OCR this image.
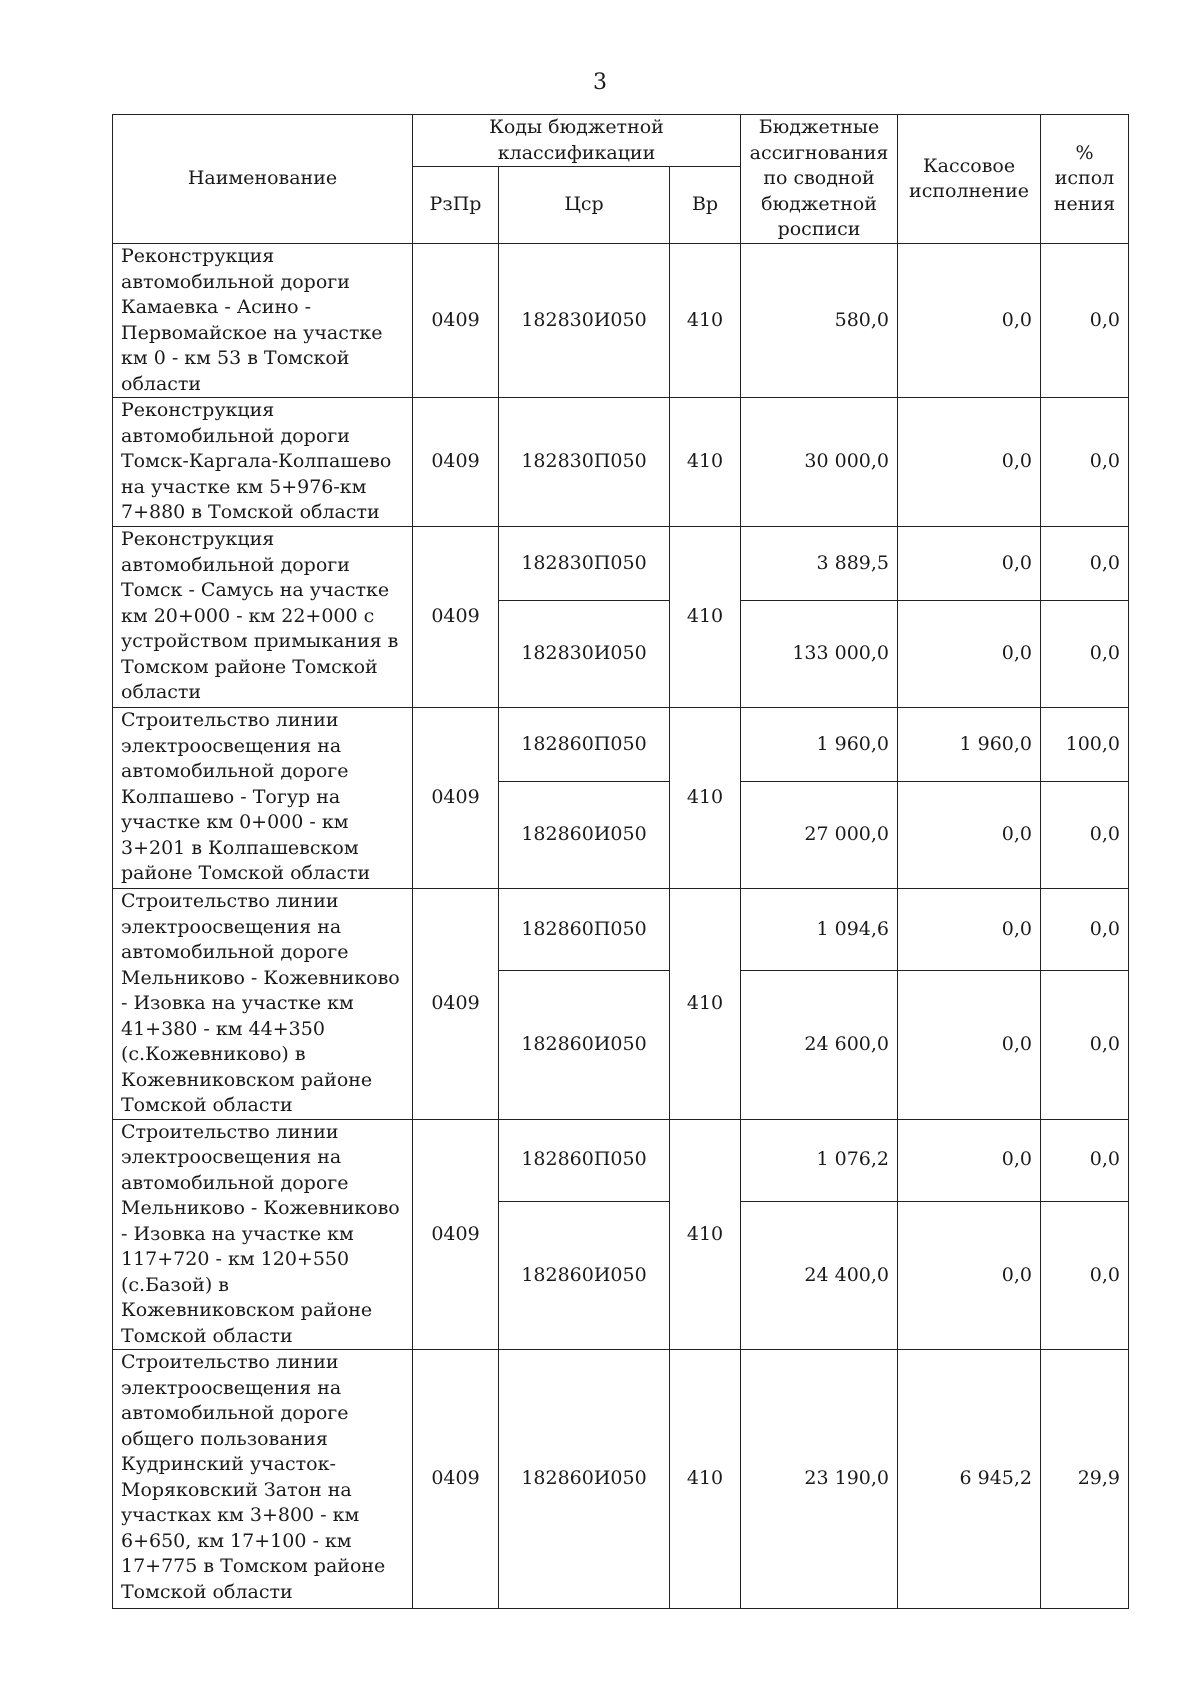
3
Наименование	Коды бюджетной классификации			Бюджетные ассигнования по сводной бюджетной росписи	Кассовое исполнение	% испол нения
	РзПр	Цср	Вр			
Реконструкция автомобильной дороги Камаевка - Асино - Первомайское на участке км 0 - км 53 в Томской области	0409	182830И050	410	580,0	0,0	0,0
Реконструкция автомобильной дороги Томск-Каргала-Колпашево на участке км 5+976-км 7+880 в Томской области	0409	182830П050	410	30 000,0	0,0	0,0
Реконструкция автомобильной дороги Томск - Самусь на участке км 20+000 - км 22+000 с устройством примыкания в Томском районе Томской области	0409	182830П050	410	3 889,5	0,0	0,0
		182830И050		133 000,0	0,0	0,0
Строительство линии электроосвещения на автомобильной дороге Колпашево - Тогур на участке км 0+000 - км 3+201 в Колпашевском районе Томской области	0409	182860П050	410	1 960,0	1 960,0	100,0
		182860И050		27 000,0	0,0	0,0
Строительство линии электроосвещения на автомобильной дороге Мельниково - Кожевниково - Изовка на участке км 41+380 - км 44+350 (с.Кожевниково) в Кожевниковском районе Томской области	0409	182860П050	410	1 094,6	0,0	0,0
		182860И050		24 600,0	0,0	0,0
Строительство линии электроосвещения на автомобильной дороге Мельниково - Кожевниково - Изовка на участке км 117+720 - км 120+550 (с.Базой) в Кожевниковском районе Томской области	0409	182860П050	410	1 076,2	0,0	0,0
		182860И050		24 400,0	0,0	0,0
Строительство линии электроосвещения на автомобильной дороге общего пользования Кудринский участок-Моряковский Затон на участках км 3+800 - км 6+650, км 17+100 - км 17+775 в Томском районе Томской области	0409	182860И050	410	23 190,0	6 945,2	29,9
